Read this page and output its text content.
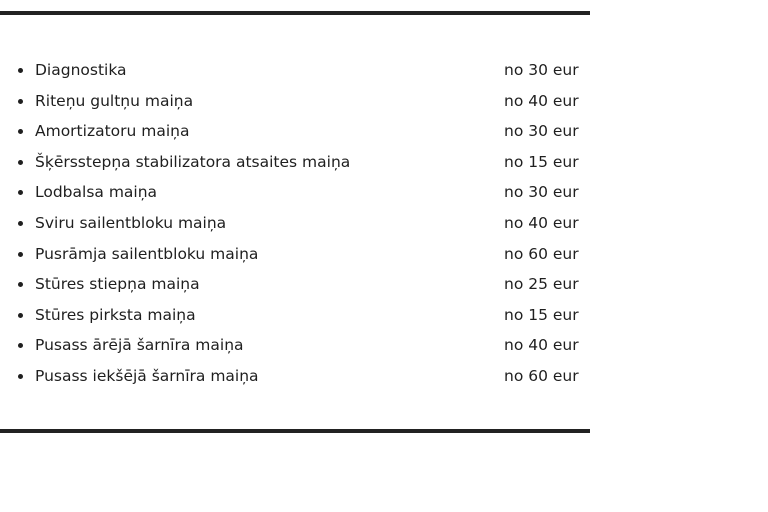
Diagnostika	no 30 eur
Riteņu gultņu maiņa	no 40 eur
Amortizatoru maiņa	no 30 eur
Šķērsstepņa stabilizatora atsaites maiņa	no 15 eur
Lodbalsa maiņa	no 30 eur
Sviru sailentbloku maiņa	no 40 eur
Pusrāmja sailentbloku maiņa	no 60 eur
Stūres stiepņa maiņa	no 25 eur
Stūres pirksta maiņa	no 15 eur
Pusass ārējā šarnīra maiņa	no 40 eur
Pusass iekšējā šarnīra maiņa	no 60 eur
